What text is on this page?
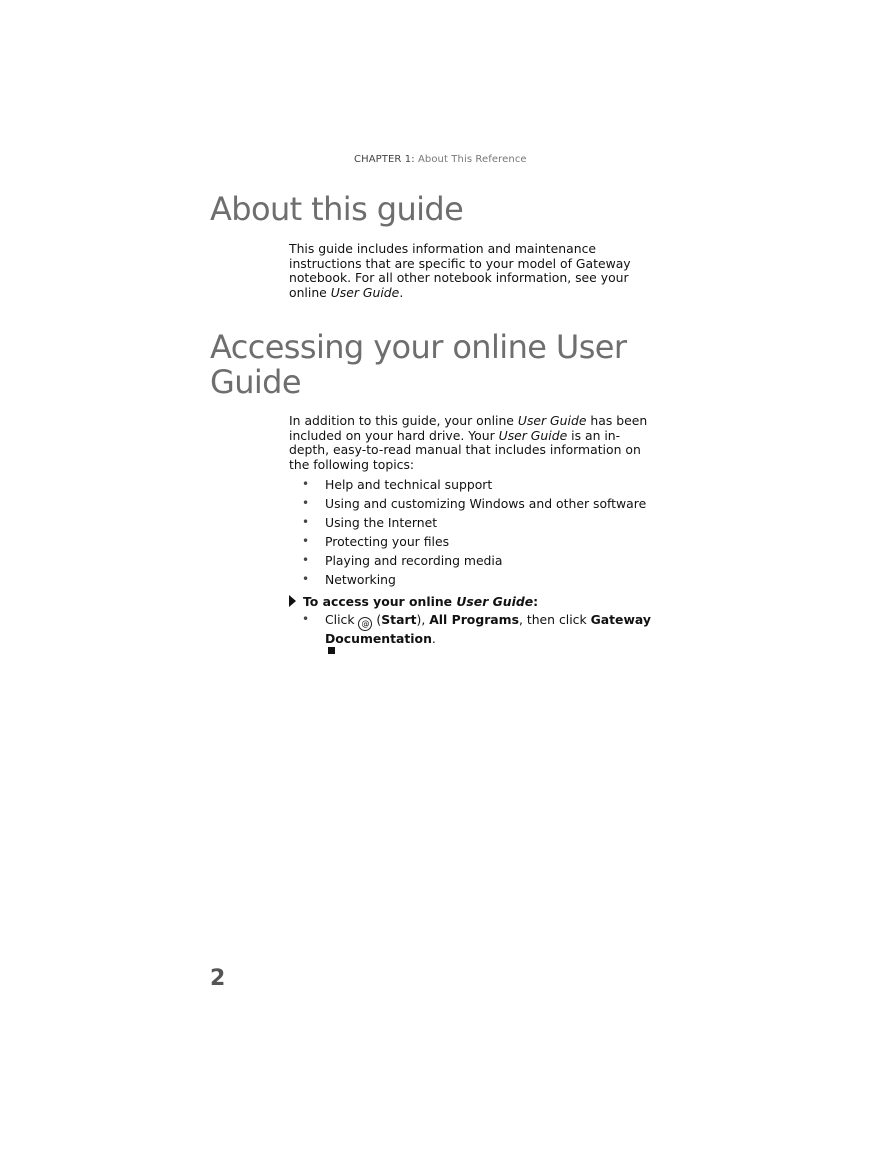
CHAPTER 1: About This Reference
About this guide

This guide includes information and maintenance instructions that are specific to your model of Gateway notebook. For all other notebook information, see your online User Guide.

Accessing your online User Guide

In addition to this guide, your online User Guide has been included on your hard drive. Your User Guide is an in-depth, easy-to-read manual that includes information on the following topics:

• Help and technical support
• Using and customizing Windows and other software
• Using the Internet
• Protecting your files
• Playing and recording media
• Networking
To access your online User Guide:
• Click @ (Start), All Programs, then click Gateway Documentation.
2
